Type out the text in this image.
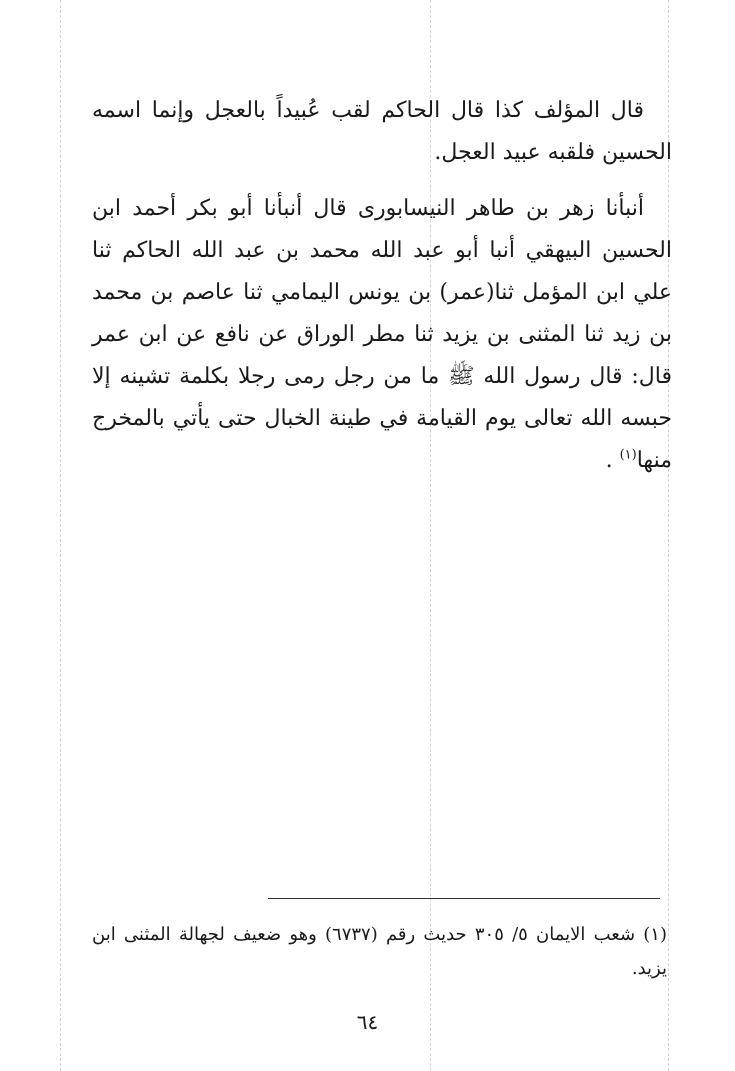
قال المؤلف كذا قال الحاكم لقب عُبيداً بالعجل وإنما اسمه الحسين فلقبه عبيد العجل.

أنبأنا زهر بن طاهر النيسابورى قال أنبأنا أبو بكر أحمد ابن الحسين البيهقي أنبا أبو عبد الله محمد بن عبد الله الحاكم ثنا علي ابن المؤمل ثنا(عمر) بن يونس اليمامي ثنا عاصم بن محمد بن زيد ثنا المثنى بن يزيد ثنا مطر الوراق عن نافع عن ابن عمر قال: قال رسول الله ﷺ ما من رجل رمى رجلا بكلمة تشينه إلا حبسه الله تعالى يوم القيامة في طينة الخبال حتى يأتي بالمخرج منها$^{(١)}$ .

(١) شعب الايمان ٥/ ٣٠٥ حديث رقم (٦٧٣٧) وهو ضعيف لجهالة المثنى ابن يزيد.
٦٤
